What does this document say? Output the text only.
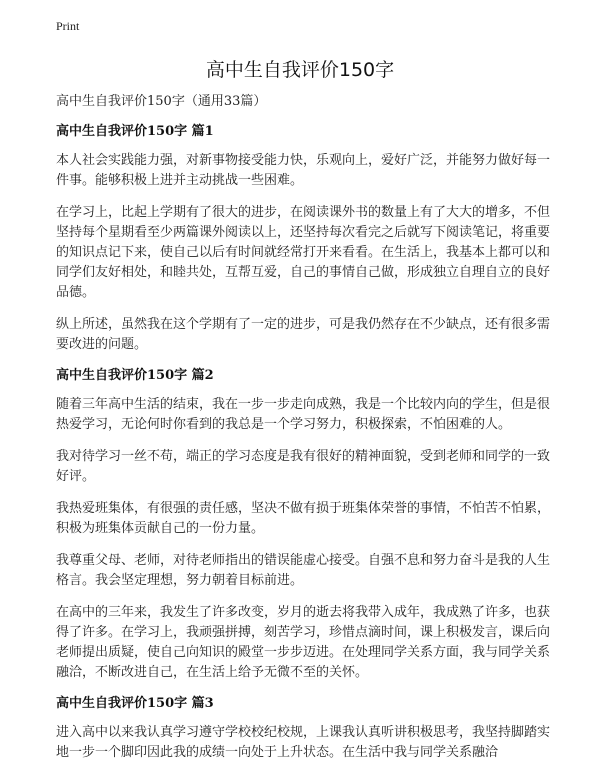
Print
高中生自我评价150字

高中生自我评价150字（通用33篇）

高中生自我评价150字 篇1

本人社会实践能力强，对新事物接受能力快，乐观向上，爱好广泛，并能努力做好每一件事。能够积极上进并主动挑战一些困难。

在学习上，比起上学期有了很大的进步，在阅读课外书的数量上有了大大的增多，不但坚持每个星期看至少两篇课外阅读以上，还坚持每次看完之后就写下阅读笔记，将重要的知识点记下来，使自己以后有时间就经常打开来看看。在生活上，我基本上都可以和同学们友好相处，和睦共处，互帮互爱，自己的事情自己做，形成独立自理自立的良好品德。

纵上所述，虽然我在这个学期有了一定的进步，可是我仍然存在不少缺点，还有很多需要改进的问题。

高中生自我评价150字 篇2

随着三年高中生活的结束，我在一步一步走向成熟，我是一个比较内向的学生，但是很热爱学习，无论何时你看到的我总是一个学习努力，积极探索，不怕困难的人。

我对待学习一丝不苟，端正的学习态度是我有很好的精神面貌，受到老师和同学的一致好评。

我热爱班集体，有很强的责任感，坚决不做有损于班集体荣誉的事情，不怕苦不怕累，积极为班集体贡献自己的一份力量。

我尊重父母、老师，对待老师指出的错误能虚心接受。自强不息和努力奋斗是我的人生格言。我会坚定理想，努力朝着目标前进。

在高中的三年来，我发生了许多改变，岁月的逝去将我带入成年，我成熟了许多，也获得了许多。在学习上，我顽强拼搏，刻苦学习，珍惜点滴时间，课上积极发言，课后向老师提出质疑，使自己向知识的殿堂一步步迈进。在处理同学关系方面，我与同学关系融洽，不断改进自己，在生活上给予无微不至的关怀。

高中生自我评价150字 篇3

进入高中以来我认真学习遵守学校校纪校规，上课我认真听讲积极思考，我坚持脚踏实地一步一个脚印因此我的成绩一向处于上升状态。在生活中我与同学关系融洽
